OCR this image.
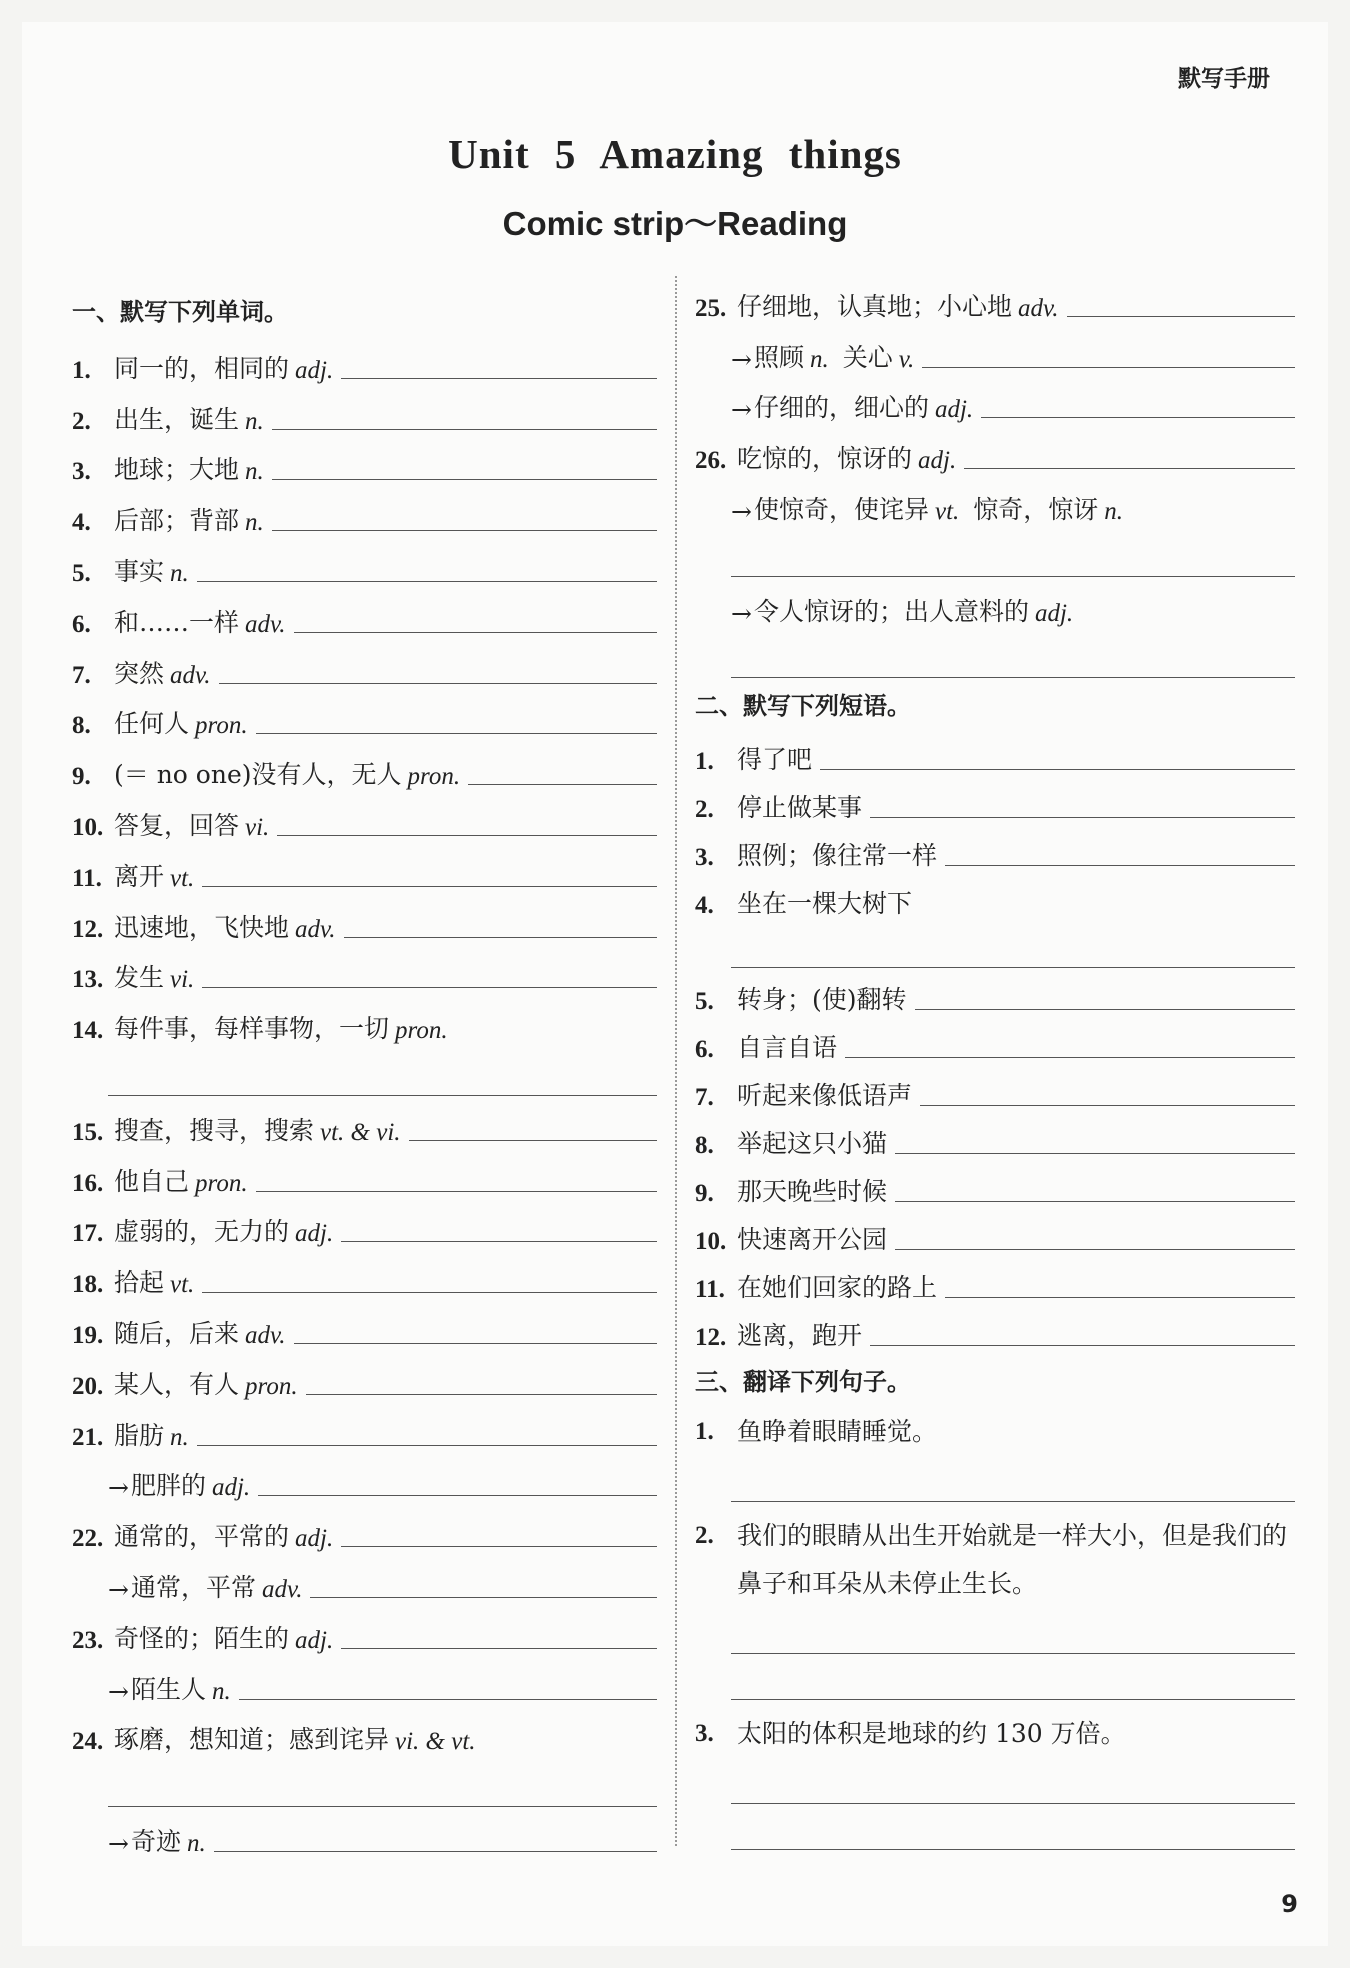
默写手册
Unit 5 Amazing things
Comic strip～Reading
一、默写下列单词。
1. 同一的，相同的 adj.
2. 出生，诞生 n.
3. 地球；大地 n.
4. 后部；背部 n.
5. 事实 n.
6. 和……一样 adv.
7. 突然 adv.
8. 任何人 pron.
9. (＝ no one)没有人，无人 pron.
10. 答复，回答 vi.
11. 离开 vt.
12. 迅速地，飞快地 adv.
13. 发生 vi.
14. 每件事，每样事物，一切 pron.
15. 搜查，搜寻，搜索 vt. & vi.
16. 他自己 pron.
17. 虚弱的，无力的 adj.
18. 拾起 vt.
19. 随后，后来 adv.
20. 某人，有人 pron.
21. 脂肪 n.
→ 肥胖的 adj.
22. 通常的，平常的 adj.
→ 通常，平常 adv.
23. 奇怪的；陌生的 adj.
→ 陌生人 n.
24. 琢磨，想知道；感到诧异 vi. & vt.
→ 奇迹 n.
25. 仔细地，认真地；小心地 adv.
→ 照顾 n. 关心 v.
→ 仔细的，细心的 adj.
26. 吃惊的，惊讶的 adj.
→ 使惊奇，使诧异 vt. 惊奇，惊讶 n.
→ 令人惊讶的；出人意料的 adj.
二、默写下列短语。
1. 得了吧
2. 停止做某事
3. 照例；像往常一样
4. 坐在一棵大树下
5. 转身；(使)翻转
6. 自言自语
7. 听起来像低语声
8. 举起这只小猫
9. 那天晚些时候
10. 快速离开公园
11. 在她们回家的路上
12. 逃离，跑开
三、翻译下列句子。
1. 鱼睁着眼睛睡觉。
2. 我们的眼睛从出生开始就是一样大小，但是我们的鼻子和耳朵从未停止生长。
3. 太阳的体积是地球的约 130 万倍。
9
